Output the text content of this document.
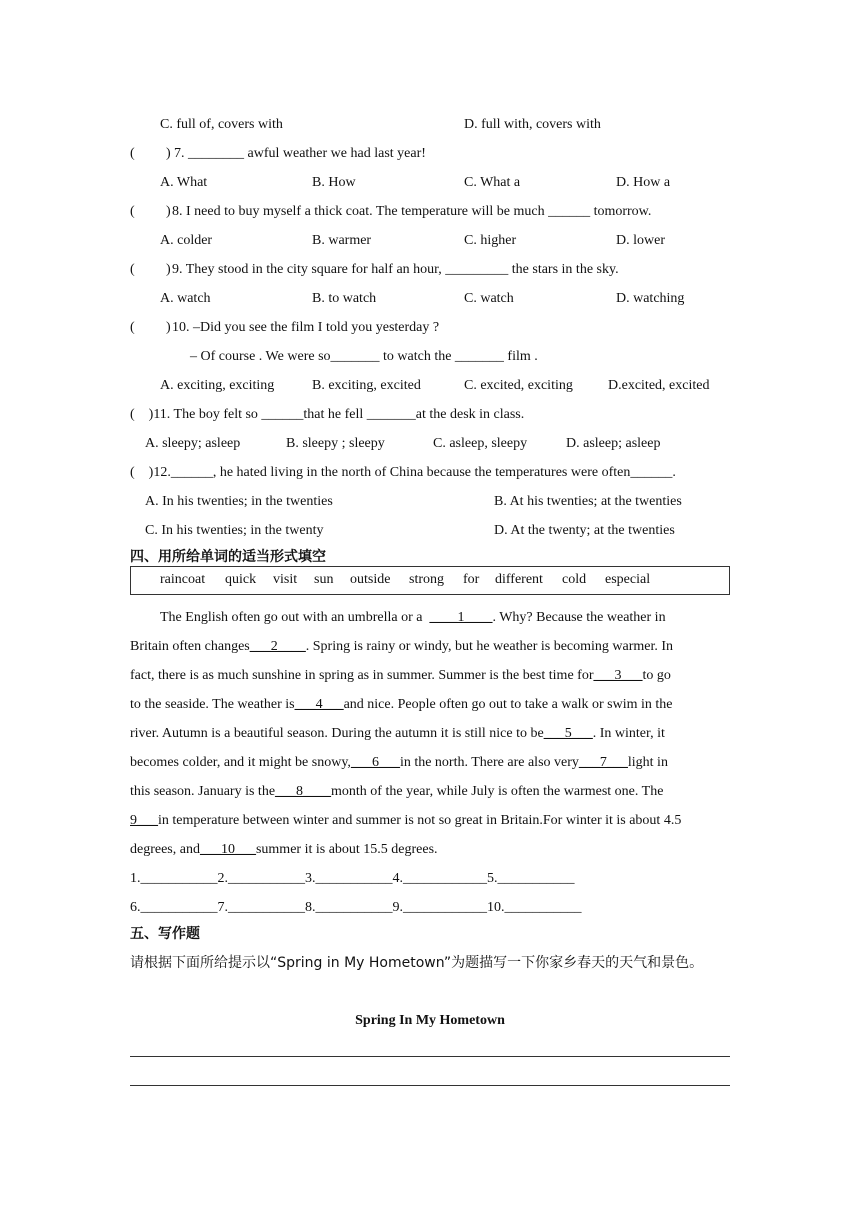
C. full of, covers with	D. full with, covers with
( ) 7. ________ awful weather we had last year!
A. What	B. How	C. What a	D. How a
( ) 8. I need to buy myself a thick coat. The temperature will be much ______ tomorrow.
A. colder	B. warmer	C. higher	D. lower
( ) 9. They stood in the city square for half an hour, _________ the stars in the sky.
A. watch	B. to watch	C. watch	D. watching
( ) 10. –Did you see the film I told you yesterday ?
– Of course . We were so_______ to watch the _______ film .
A. exciting, exciting	B. exciting, excited	C. excited, exciting	D.excited, excited
(    )11. The boy felt so ______that he fell _______at the desk in class.
A. sleepy; asleep	B. sleepy ; sleepy	C. asleep, sleepy	D. asleep; asleep
(    )12.______, he hated living in the north of China because the temperatures were often______.
A. In his twenties; in the twenties	B. At his twenties; at the twenties
C. In his twenties; in the twenty	D. At the twenty; at the twenties
四、用所给单词的适当形式填空
raincoat quick visit sun outside strong for different cold especial
The English often go out with an umbrella or a  ____1____. Why? Because the weather in
Britain often changes___2____. Spring is rainy or windy, but he weather is becoming warmer. In
fact, there is as much sunshine in spring as in summer. Summer is the best time for___3___to go
to the seaside. The weather is___4___and nice. People often go out to take a walk or swim in the
river. Autumn is a beautiful season. During the autumn it is still nice to be___5___. In winter, it
becomes colder, and it might be snowy,___6___in the north. There are also very___7___light in
this season. January is the___8____month of the year, while July is often the warmest one. The
9___in temperature between winter and summer is not so great in Britain.For winter it is about 4.5
degrees, and___10___summer it is about 15.5 degrees.
1.___________2.___________3.___________4.____________5.___________
6.___________7.___________8.___________9.____________10.___________
五、写作题
请根据下面所给提示以“Spring in My Hometown”为题描写一下你家乡春天的天气和景色。
Spring In My Hometown
